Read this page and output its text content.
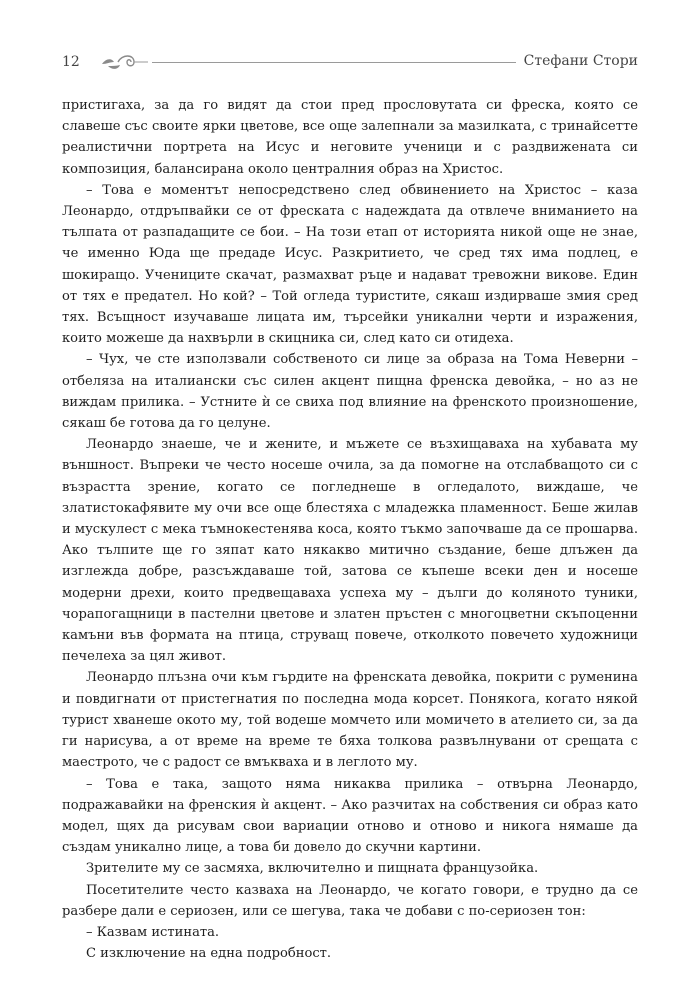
12	Стефани Стори

пристигаха, за да го видят да стои пред прословутата си фреска, която се славеше със своите ярки цветове, все още залепнали за мазилката, с тринайсетте реалистични портрета на Исус и неговите ученици и с раздвижената си композиция, балансирана около централния образ на Христос.

– Това е моментът непосредствено след обвинението на Христос – каза Леонардо, отдръпвайки се от фреската с надеждата да отвлече вниманието на тълпата от разпадащите се бои. – На този етап от историята никой още не знае, че именно Юда ще предаде Исус. Разкритието, че сред тях има подлец, е шокиращо. Учениците скачат, размахват ръце и надават тревожни викове. Един от тях е предател. Но кой? – Той огледа туристите, сякаш издирваше змия сред тях. Всъщност изучаваше лицата им, търсейки уникални черти и изражения, които можеше да нахвърли в скицника си, след като си отидеха.

– Чух, че сте използвали собственото си лице за образа на Тома Неверни – отбеляза на италиански със силен акцент пищна френска девойка, – но аз не виждам прилика. – Устните ѝ се свиха под влияние на френското произношение, сякаш бе готова да го целуне.

Леонардо знаеше, че и жените, и мъжете се възхищаваха на хубавата му външност. Въпреки че често носеше очила, за да помогне на отслабващото си с възрастта зрение, когато се погледнеше в огледалото, виждаше, че златистокафявите му очи все още блестяха с младежка пламенност. Беше жилав и мускулест с мека тъмнокестенява коса, която тъкмо започваше да се прошарва. Ако тълпите ще го зяпат като някакво митично създание, беше длъжен да изглежда добре, разсъждаваше той, затова се къпеше всеки ден и носеше модерни дрехи, които предвещаваха успеха му – дълги до коляното туники, чорапогащници в пастелни цветове и златен пръстен с многоцветни скъпоценни камъни във формата на птица, струващ повече, отколкото повечето художници печелеха за цял живот.

Леонардо плъзна очи към гърдите на френската девойка, покрити с руменина и повдигнати от пристегнатия по последна мода корсет. Понякога, когато някой турист хванеше окото му, той водеше момчето или момичето в ателието си, за да ги нарисува, а от време на време те бяха толкова развълнувани от срещата с маестрото, че с радост се вмъкваха и в леглото му.

– Това е така, защото няма никаква прилика – отвърна Леонардо, подражавайки на френския ѝ акцент. – Ако разчитах на собствения си образ като модел, щях да рисувам свои вариации отново и отново и никога нямаше да създам уникално лице, а това би довело до скучни картини.

Зрителите му се засмяха, включително и пищната французойка.

Посетителите често казваха на Леонардо, че когато говори, е трудно да се разбере дали е сериозен, или се шегува, така че добави с по-сериозен тон:

– Казвам истината.

С изключение на една подробност.
